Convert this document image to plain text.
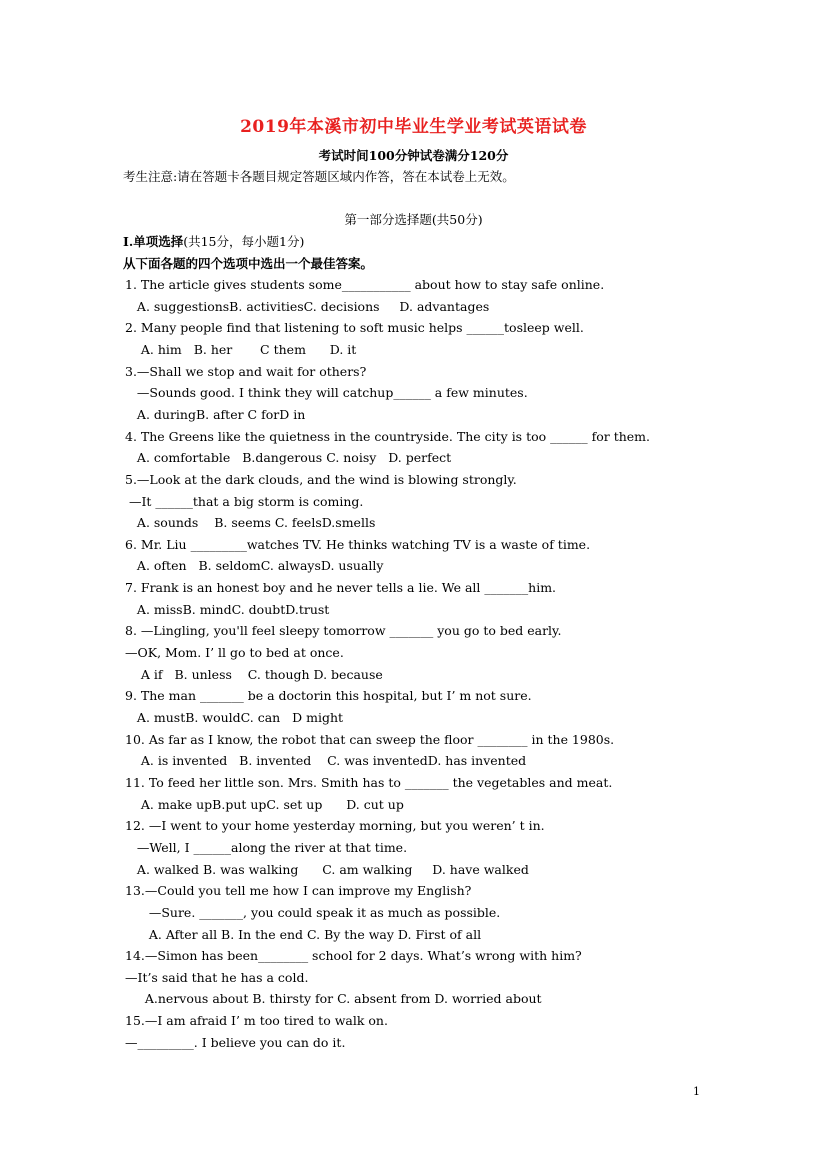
2019年本溪市初中毕业生学业考试英语试卷
考试时间100分钟试卷满分120分
考生注意:请在答题卡各题目规定答题区域内作答，答在本试卷上无效。
第一部分选择题(共50分)
Ⅰ.单项选择(共15分，每小题1分)
从下面各题的四个选项中选出一个最佳答案。
1. The article gives students some___________ about how to stay safe online.
A. suggestionsB. activitiesC. decisions     D. advantages
2. Many people find that listening to soft music helps ______tosleep well.
A. him   B. her       C them      D. it
3.—Shall we stop and wait for others?
—Sounds good. I think they will catchup______ a few minutes.
A. duringB. after C forD in
4. The Greens like the quietness in the countryside. The city is too ______ for them.
A. comfortable   B.dangerous C. noisy   D. perfect
5.—Look at the dark clouds, and the wind is blowing strongly.
—It ______that a big storm is coming.
A. sounds    B. seems C. feelsD.smells
6. Mr. Liu _________watches TV. He thinks watching TV is a waste of time.
A. often   B. seldomC. alwaysD. usually
7. Frank is an honest boy and he never tells a lie. We all _______him.
A. missB. mindC. doubtD.trust
8. —Lingling, you'll feel sleepy tomorrow _______ you go to bed early.
—OK, Mom. I’ ll go to bed at once.
A if   B. unless    C. though D. because
9. The man _______ be a doctorin this hospital, but I’ m not sure.
A. mustB. wouldC. can   D might
10. As far as I know, the robot that can sweep the floor ________ in the 1980s.
A. is invented   B. invented    C. was inventedD. has invented
11. To feed her little son. Mrs. Smith has to _______ the vegetables and meat.
A. make upB.put upC. set up      D. cut up
12. —I went to your home yesterday morning, but you weren’ t in.
—Well, I ______along the river at that time.
A. walked B. was walking      C. am walking     D. have walked
13.—Could you tell me how I can improve my English?
—Sure. _______, you could speak it as much as possible.
A. After all B. In the end C. By the way D. First of all
14.—Simon has been________ school for 2 days. What’s wrong with him?
—It’s said that he has a cold.
A.nervous about B. thirsty for C. absent from D. worried about
15.—I am afraid I’ m too tired to walk on.
—_________. I believe you can do it.
1
